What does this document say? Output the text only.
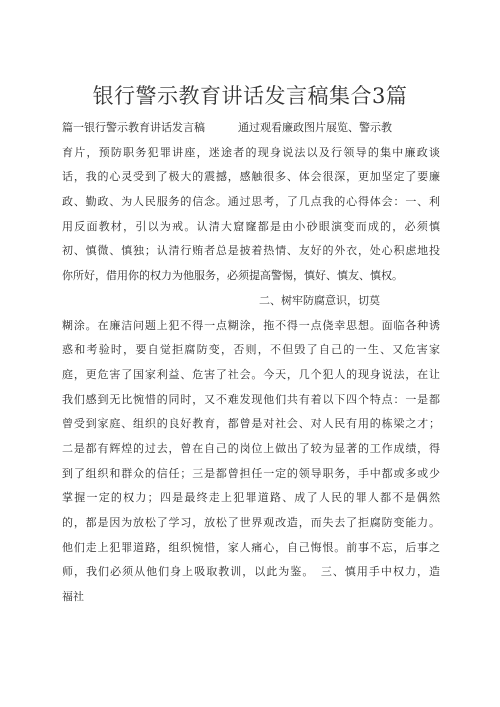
银行警示教育讲话发言稿集合3篇
篇一银行警示教育讲话发言稿　　　通过观看廉政图片展览、警示教
育片，预防职务犯罪讲座，迷途者的现身说法以及行领导的集中廉政谈
话，我的心灵受到了极大的震撼，感触很多、体会很深，更加坚定了要廉
政、勤政、为人民服务的信念。通过思考，了几点我的心得体会：一、利
用反面教材，引以为戒。认清大窟窿都是由小砂眼演变而成的，必须慎
初、慎微、慎独；认清行贿者总是披着热情、友好的外衣，处心积虑地投
你所好，借用你的权力为他服务，必须提高警惕，慎好、慎友、慎权。
二、树牢防腐意识，切莫
糊涂。在廉洁问题上犯不得一点糊涂，拖不得一点侥幸思想。面临各种诱
惑和考验时，要自觉拒腐防变，否则，不但毁了自己的一生、又危害家
庭，更危害了国家利益、危害了社会。今天，几个犯人的现身说法，在让
我们感到无比惋惜的同时，又不难发现他们共有着以下四个特点：一是都
曾受到家庭、组织的良好教育，都曾是对社会、对人民有用的栋梁之才；
二是都有辉煌的过去，曾在自己的岗位上做出了较为显著的工作成绩，得
到了组织和群众的信任；三是都曾担任一定的领导职务，手中都或多或少
掌握一定的权力；四是最终走上犯罪道路、成了人民的罪人都不是偶然
的，都是因为放松了学习，放松了世界观改造，而失去了拒腐防变能力。
他们走上犯罪道路，组织惋惜，家人痛心，自己悔恨。前事不忘，后事之
师，我们必须从他们身上吸取教训，以此为鉴。　三、慎用手中权力，造
福社
